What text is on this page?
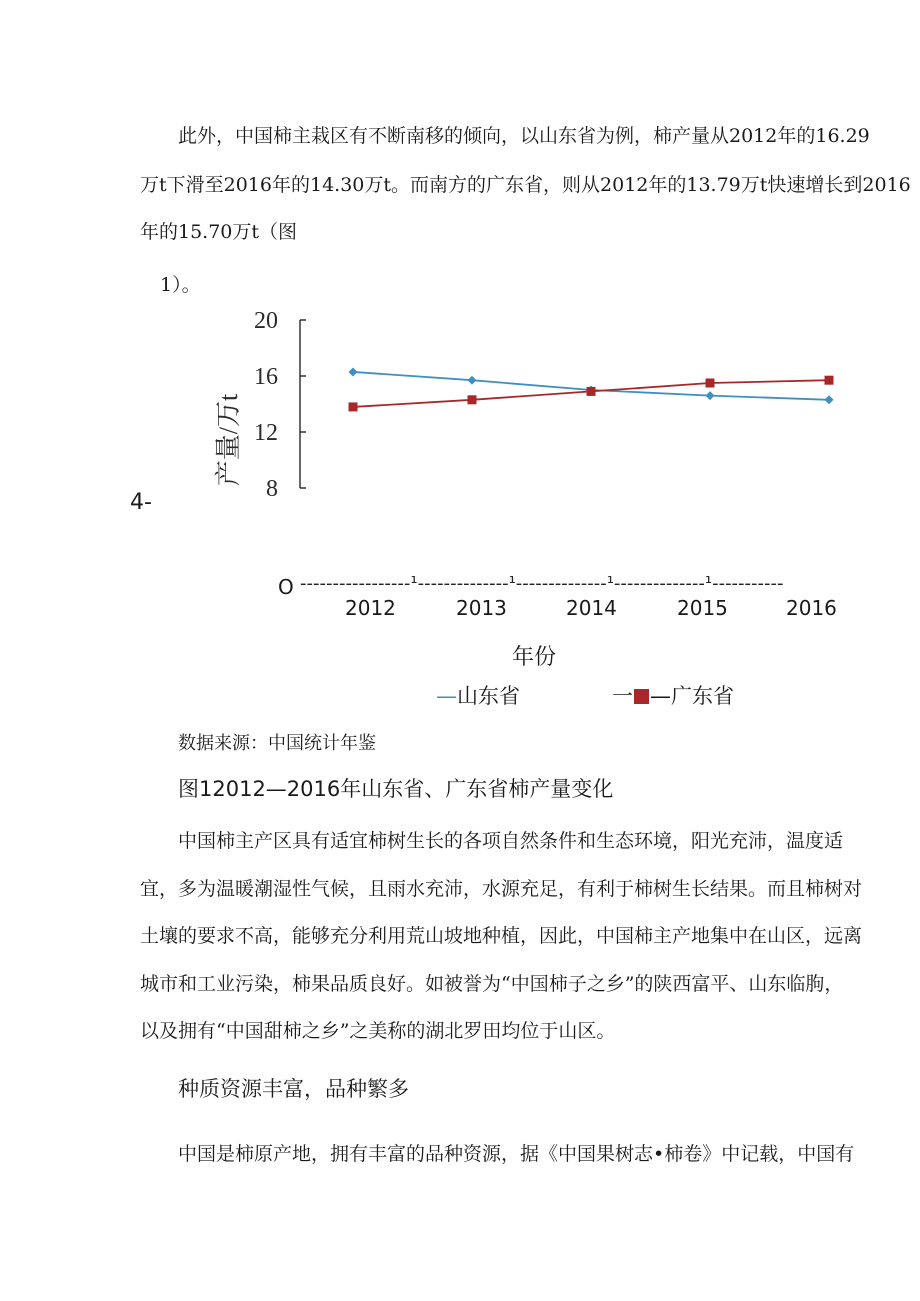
此外，中国柿主栽区有不断南移的倾向，以山东省为例，柿产量从2012年的16.29
万t下滑至2016年的14.30万t。而南方的广东省，则从2012年的13.79万t快速增长到2016
年的15.70万t（图
1）。
8
12
16
20
产量/万t
4-
O -----------------¹--------------¹--------------¹--------------¹-----------
2012	2013	2014	2015	2016
年份
—山东省	一 —广东省
数据来源：中国统计年鉴
图12012—2016年山东省、广东省柿产量变化
中国柿主产区具有适宜柿树生长的各项自然条件和生态环境，阳光充沛，温度适
宜，多为温暖潮湿性气候，且雨水充沛，水源充足，有利于柿树生长结果。而且柿树对
土壤的要求不高，能够充分利用荒山坡地种植，因此，中国柿主产地集中在山区，远离
城市和工业污染，柿果品质良好。如被誉为“中国柿子之乡”的陕西富平、山东临朐，
以及拥有“中国甜柿之乡”之美称的湖北罗田均位于山区。
种质资源丰富，品种繁多
中国是柿原产地，拥有丰富的品种资源，据《中国果树志•柿卷》中记载，中国有
